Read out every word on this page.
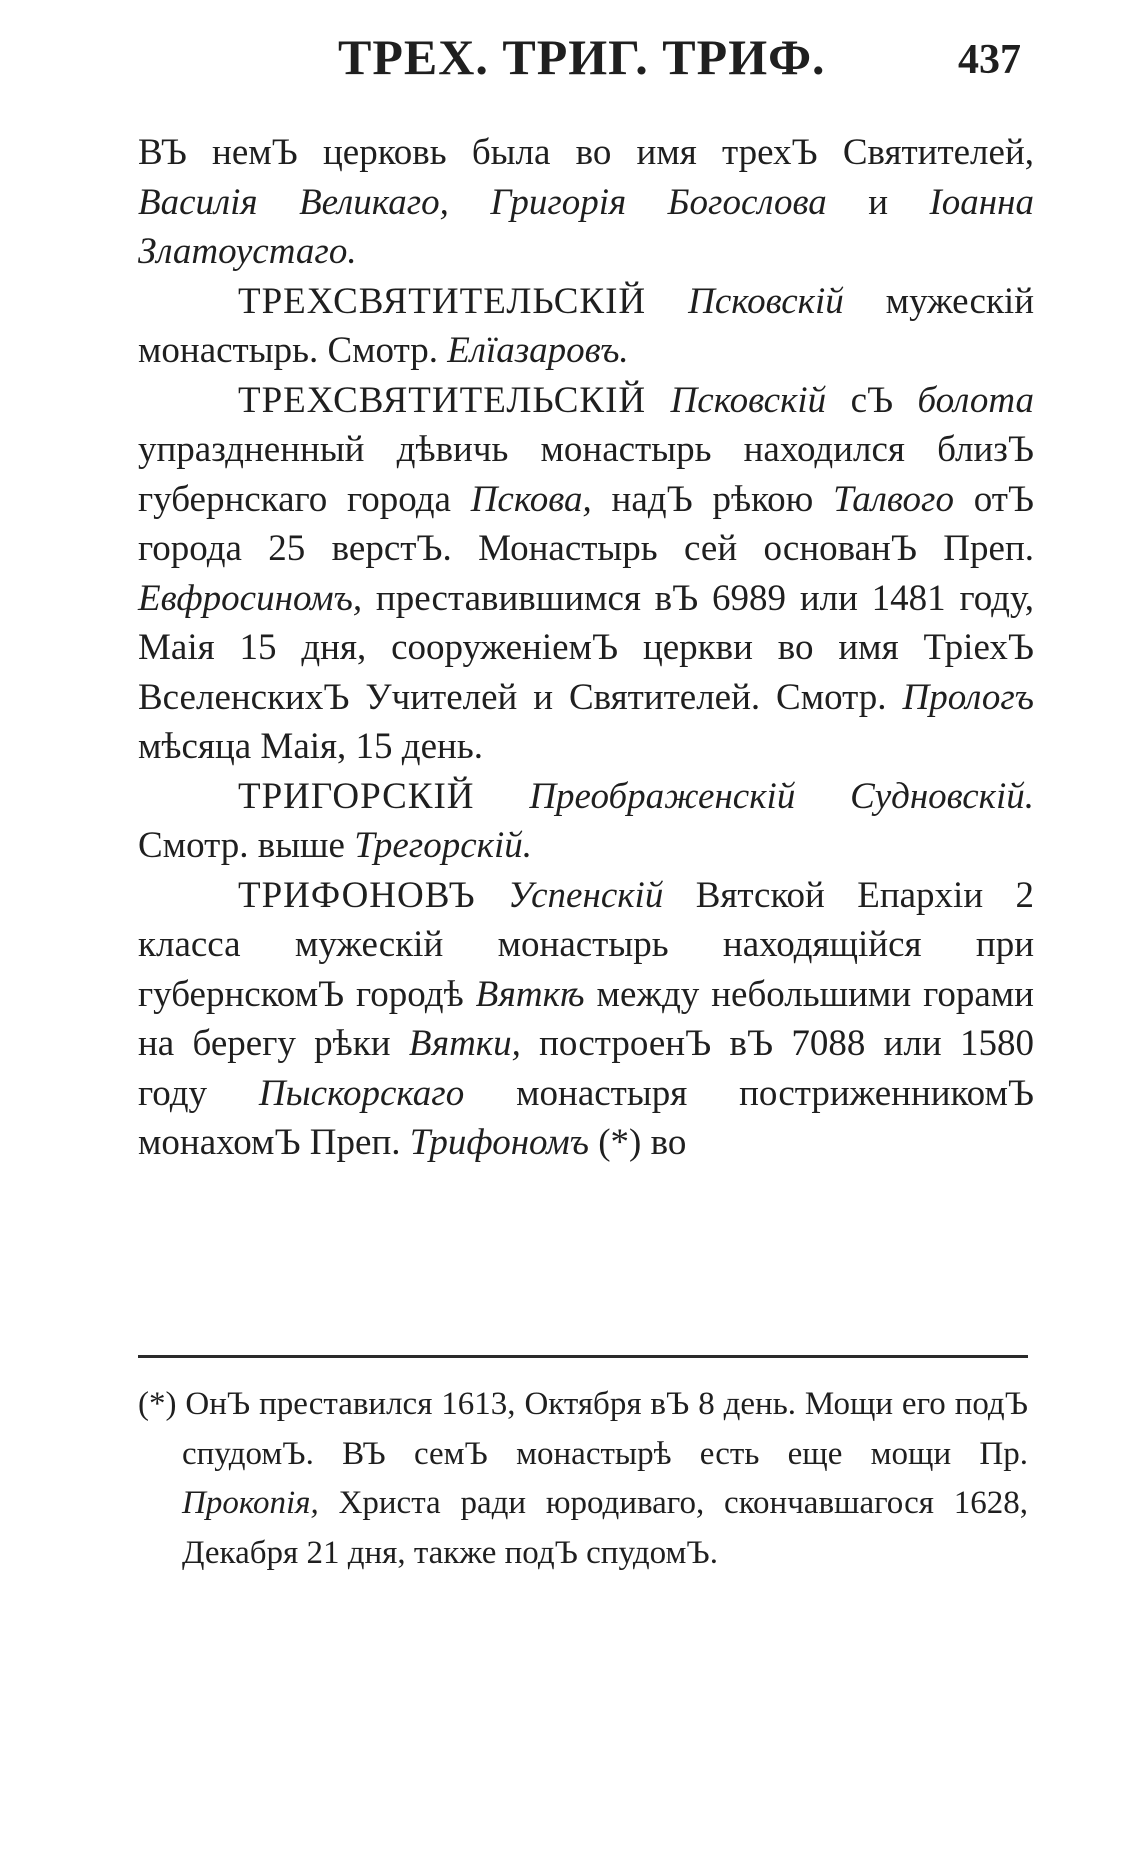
ТРЕХ. ТРИГ. ТРИФ.	437

ВЪ немЪ церковь была во имя трехЪ Святителей, Василія Великаго, Григорія Богослова и Іоанна Златоустаго.

ТРЕХСВЯТИТЕЛЬСКІЙ Псковскій мужескій монастырь. Смотр. Елïазаровъ.

ТРЕХСВЯТИТЕЛЬСКІЙ Псковскій сЪ болота упраздненный дѣвичь монастырь находился близЪ губернскаго города Пскова, надЪ рѣкою Талвого отЪ города 25 верстЪ. Монастырь сей основанЪ Преп. Евфросиномъ, преставившимся вЪ 6989 или 1481 году, Маія 15 дня, сооруженіемЪ церкви во имя ТріехЪ ВселенскихЪ Учителей и Святителей. Смотр. Прологъ мѣсяца Маія, 15 день.

ТРИГОРСКІЙ Преображенскій Судновскій. Смотр. выше Трегорскій.

ТРИФОНОВЪ Успенскій Вятской Епархіи 2 класса мужескій монастырь находящійся при губернскомЪ городѣ Вяткѣ между небольшими горами на берегу рѣки Вятки, построенЪ вЪ 7088 или 1580 году Пыскорскаго монастыря постриженникомЪ монахомЪ Преп. Трифономъ (*) во

(*) ОнЪ преставился 1613, Октября вЪ 8 день. Мощи его подЪ спудомЪ. ВЪ семЪ монастырѣ есть еще мощи Пр. Прокопія, Христа ради юродиваго, скончавшагося 1628, Декабря 21 дня, также подЪ спудомЪ.
